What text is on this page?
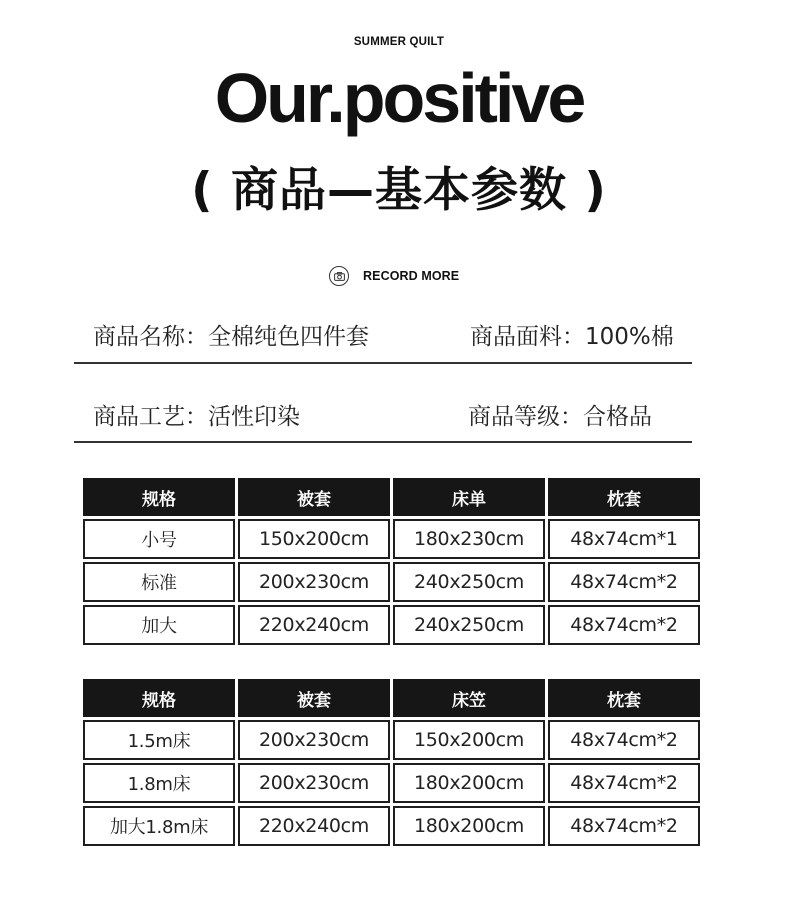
SUMMER QUILT
Our.positive
( 商品—基本参数 )
RECORD MORE
商品名称：全棉纯色四件套	商品面料：100%棉
商品工艺：活性印染	商品等级：合格品
规格	被套	床单	枕套
小号	150x200cm	180x230cm	48x74cm*1
标准	200x230cm	240x250cm	48x74cm*2
加大	220x240cm	240x250cm	48x74cm*2
规格	被套	床笠	枕套
1.5m床	200x230cm	150x200cm	48x74cm*2
1.8m床	200x230cm	180x200cm	48x74cm*2
加大1.8m床	220x240cm	180x200cm	48x74cm*2
